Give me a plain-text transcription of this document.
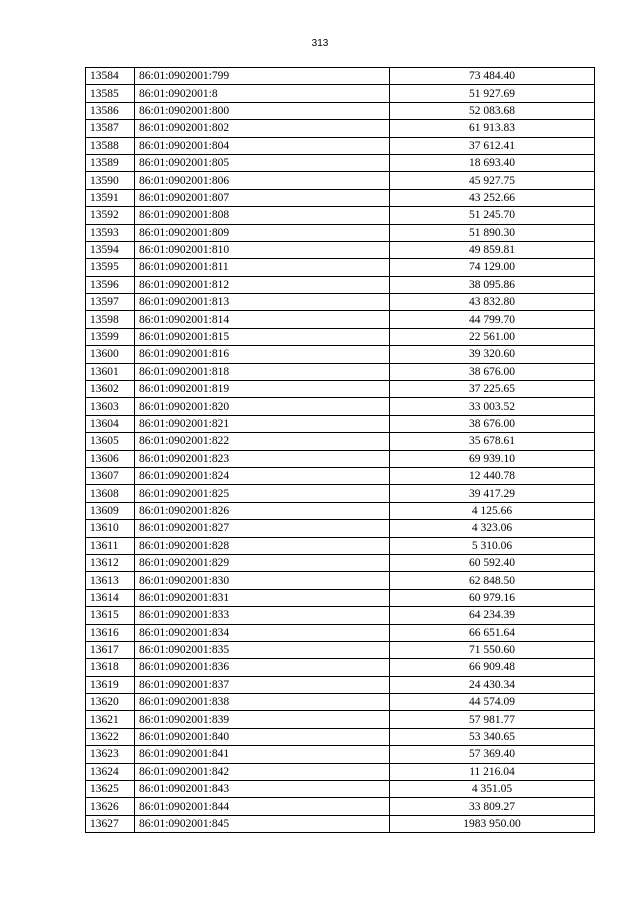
313
13584	86:01:0902001:799	73 484.40
13585	86:01:0902001:8	51 927.69
13586	86:01:0902001:800	52 083.68
13587	86:01:0902001:802	61 913.83
13588	86:01:0902001:804	37 612.41
13589	86:01:0902001:805	18 693.40
13590	86:01:0902001:806	45 927.75
13591	86:01:0902001:807	43 252.66
13592	86:01:0902001:808	51 245.70
13593	86:01:0902001:809	51 890.30
13594	86:01:0902001:810	49 859.81
13595	86:01:0902001:811	74 129.00
13596	86:01:0902001:812	38 095.86
13597	86:01:0902001:813	43 832.80
13598	86:01:0902001:814	44 799.70
13599	86:01:0902001:815	22 561.00
13600	86:01:0902001:816	39 320.60
13601	86:01:0902001:818	38 676.00
13602	86:01:0902001:819	37 225.65
13603	86:01:0902001:820	33 003.52
13604	86:01:0902001:821	38 676.00
13605	86:01:0902001:822	35 678.61
13606	86:01:0902001:823	69 939.10
13607	86:01:0902001:824	12 440.78
13608	86:01:0902001:825	39 417.29
13609	86:01:0902001:826	4 125.66
13610	86:01:0902001:827	4 323.06
13611	86:01:0902001:828	5 310.06
13612	86:01:0902001:829	60 592.40
13613	86:01:0902001:830	62 848.50
13614	86:01:0902001:831	60 979.16
13615	86:01:0902001:833	64 234.39
13616	86:01:0902001:834	66 651.64
13617	86:01:0902001:835	71 550.60
13618	86:01:0902001:836	66 909.48
13619	86:01:0902001:837	24 430.34
13620	86:01:0902001:838	44 574.09
13621	86:01:0902001:839	57 981.77
13622	86:01:0902001:840	53 340.65
13623	86:01:0902001:841	57 369.40
13624	86:01:0902001:842	11 216.04
13625	86:01:0902001:843	4 351.05
13626	86:01:0902001:844	33 809.27
13627	86:01:0902001:845	1983 950.00
